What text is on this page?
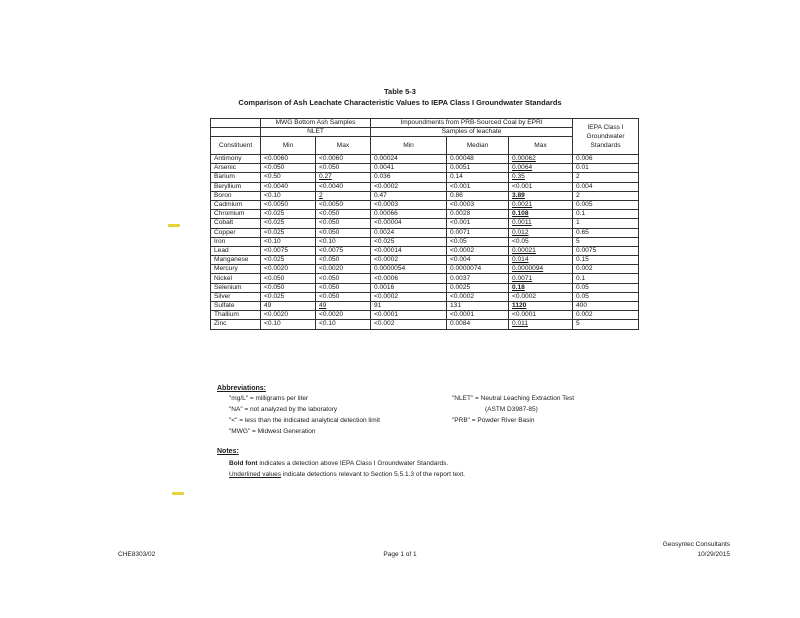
Table 5-3
Comparison of Ash Leachate Characteristic Values to IEPA Class I Groundwater Standards
	MWG Bottom Ash Samples		Impoundments from PRB-Sourced Coal by EPRI			IEPA Class I Groundwater Standards
	NLET		Samples of leachate			
Constituent	Min	Max	Min	Median	Max	
Antimony	<0.0060	<0.0060	0.00024	0.00048	0.00062	0.006
Arsenic	<0.050	<0.050	0.0041	0.0051	0.0064	0.01
Barium	<0.50	0.27	0.036	0.14	0.35	2
Beryllium	<0.0040	<0.0040	<0.0002	<0.001	<0.001	0.004
Boron	<0.10	2	0.47	0.86	3.89	2
Cadmium	<0.0050	<0.0050	<0.0003	<0.0003	0.0021	0.005
Chromium	<0.025	<0.050	0.00066	0.0028	0.108	0.1
Cobalt	<0.025	<0.050	<0.00004	<0.001	0.0011	1
Copper	<0.025	<0.050	0.0024	0.0071	0.012	0.65
Iron	<0.10	<0.10	<0.025	<0.05	<0.05	5
Lead	<0.0075	<0.0075	<0.00014	<0.0002	0.00021	0.0075
Manganese	<0.025	<0.050	<0.0002	<0.004	0.014	0.15
Mercury	<0.0020	<0.0020	0.0000054	0.0000074	0.0000094	0.002
Nickel	<0.050	<0.050	<0.0006	0.0037	0.0071	0.1
Selenium	<0.050	<0.050	0.0016	0.0025	0.18	0.05
Silver	<0.025	<0.050	<0.0002	<0.0002	<0.0002	0.05
Sulfate	49	49	91	131	1120	400
Thallium	<0.0020	<0.0020	<0.0001	<0.0001	<0.0001	0.002
Zinc	<0.10	<0.10	<0.002	0.0084	0.011	5
Abbreviations:
"mg/L" = milligrams per liter
"NA" = not analyzed by the laboratory
"<" = less than the indicated analytical detection limit
"MWG" = Midwest Generation
"NLET" = Neutral Leaching Extraction Test
(ASTM D3987-85)
"PRB" = Powder River Basin
Notes:
Bold font indicates a detection above IEPA Class I Groundwater Standards.
Underlined values indicate detections relevant to Section 5.5.1.3 of the report text.
CHE8303/02	Page 1 of 1
Geosyntec Consultants
10/29/2015
